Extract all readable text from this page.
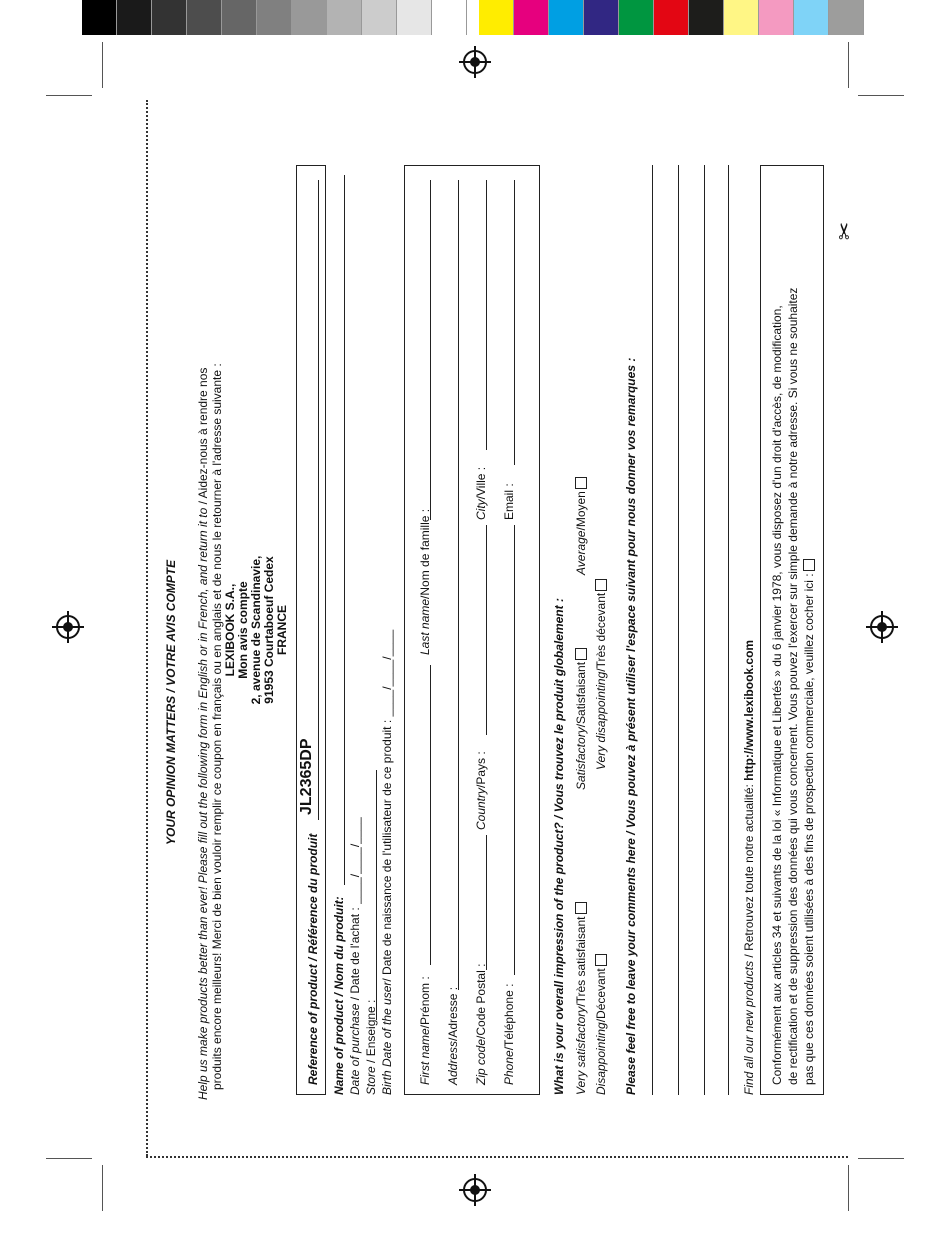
✂
YOUR OPINION MATTERS / VOTRE AVIS COMPTE Help us make products better than ever! Please fill out the following form in English or in French, and return it to / Aidez-nous à rendre nos produits encore meilleurs! Merci de bien vouloir remplir ce coupon en français ou en anglais et de nous le retourner à l'adresse suivante : LEXIBOOK S.A., Mon avis compte 2, avenue de Scandinavie, 91953 Courtaboeuf Cedex FRANCE
Reference of product / Référence du produit
JL2365DP
Name of product / Nom du produit: Date of purchase / Date de l'achat : ____/____/____
Store / Enseigne : Birth Date of the user/ Date de naissance de l'utilisateur de ce produit : ____/____/____
First name/Prénom :
Last name/Nom de famille :
Address/Adresse :
Zip code/Code Postal :
Country/Pays :
City/Ville :
Phone/Téléphone :
Email :
What is your overall impression of the product? / Vous trouvez le produit globalement : Very satisfactory/Très satisfaisant
Satisfactory/Satisfaisant
Average/Moyen
Disappointing/Décevant
Very disappointing/Très décevant Please feel free to leave your comments here / Vous pouvez à présent utiliser l'espace suivant pour nous donner vos remarques :	Find all our new products / Retrouvez toute notre actualité: http://www.lexibook.com Conformément aux articles 34 et suivants de la loi « Informatique et Libertés » du 6 janvier 1978, vous disposez d'un droit d'accès, de modification, de rectification et de suppression des données qui vous concernent. Vous pouvez l'exercer sur simple demande à notre adresse. Si vous ne souhaitez pas que ces données soient utilisées à des fins de prospection commerciale, veuillez cocher ici :
